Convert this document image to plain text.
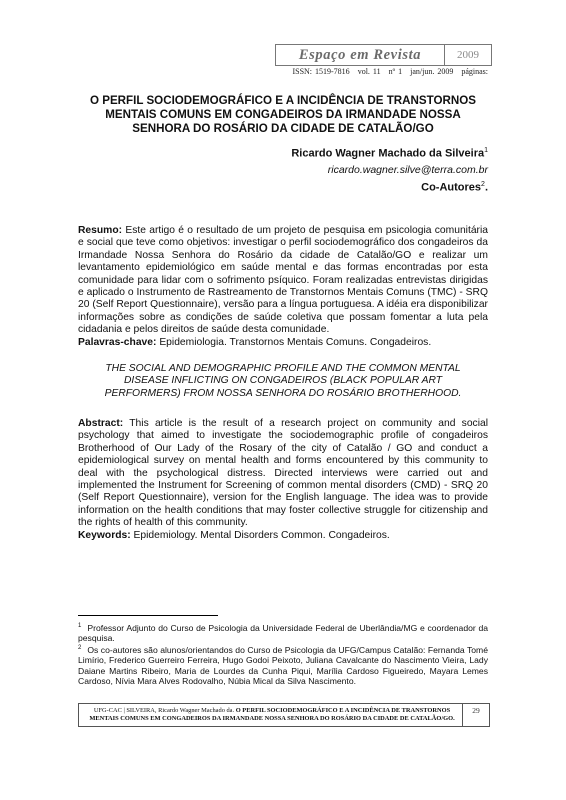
Espaço em Revista	2009
ISSN: 1519-7816 vol. 11 nº 1 jan/jun. 2009 páginas:
O PERFIL SOCIODEMOGRÁFICO E A INCIDÊNCIA DE TRANSTORNOS MENTAIS COMUNS EM CONGADEIROS DA IRMANDADE NOSSA SENHORA DO ROSÁRIO DA CIDADE DE CATALÃO/GO
Ricardo Wagner Machado da Silveira$^1$
ricardo.wagner.silve@terra.com.br
Co-Autores$^2$.
Resumo: Este artigo é o resultado de um projeto de pesquisa em psicologia comunitária e social que teve como objetivos: investigar o perfil sociodemográfico dos congadeiros da Irmandade Nossa Senhora do Rosário da cidade de Catalão/GO e realizar um levantamento epidemiológico em saúde mental e das formas encontradas por esta comunidade para lidar com o sofrimento psíquico. Foram realizadas entrevistas dirigidas e aplicado o Instrumento de Rastreamento de Transtornos Mentais Comuns (TMC) - SRQ 20 (Self Report Questionnaire), versão para a língua portuguesa. A idéia era disponibilizar informações sobre as condições de saúde coletiva que possam fomentar a luta pela cidadania e pelos direitos de saúde desta comunidade.
Palavras-chave: Epidemiologia. Transtornos Mentais Comuns. Congadeiros.
THE SOCIAL AND DEMOGRAPHIC PROFILE AND THE COMMON MENTAL DISEASE INFLICTING ON CONGADEIROS (BLACK POPULAR ART PERFORMERS) FROM NOSSA SENHORA DO ROSÁRIO BROTHERHOOD.
Abstract: This article is the result of a research project on community and social psychology that aimed to investigate the sociodemographic profile of congadeiros Brotherhood of Our Lady of the Rosary of the city of Catalão / GO and conduct a epidemiological survey on mental health and forms encountered by this community to deal with the psychological distress. Directed interviews were carried out and implemented the Instrument for Screening of common mental disorders (CMD) - SRQ 20 (Self Report Questionnaire), version for the English language. The idea was to provide information on the health conditions that may foster collective struggle for citizenship and the rights of health of this community.
Keywords: Epidemiology. Mental Disorders Common. Congadeiros.
$^1$ Professor Adjunto do Curso de Psicologia da Universidade Federal de Uberlândia/MG e coordenador da pesquisa.
$^2$ Os co-autores são alunos/orientandos do Curso de Psicologia da UFG/Campus Catalão: Fernanda Tomé Limírio, Frederico Guerreiro Ferreira, Hugo Godoi Peixoto, Juliana Cavalcante do Nascimento Vieira, Lady Daiane Martins Ribeiro, Maria de Lourdes da Cunha Piqui, Marília Cardoso Figueiredo, Mayara Lemes Cardoso, Nívia Mara Alves Rodovalho, Núbia Mical da Silva Nascimento.
UFG-CAC | SILVEIRA, Ricardo Wagner Machado da. O PERFIL SOCIODEMOGRÁFICO E A INCIDÊNCIA DE TRANSTORNOS MENTAIS COMUNS EM CONGADEIROS DA IRMANDADE NOSSA SENHORA DO ROSÁRIO DA CIDADE DE CATALÃO/GO.
29
